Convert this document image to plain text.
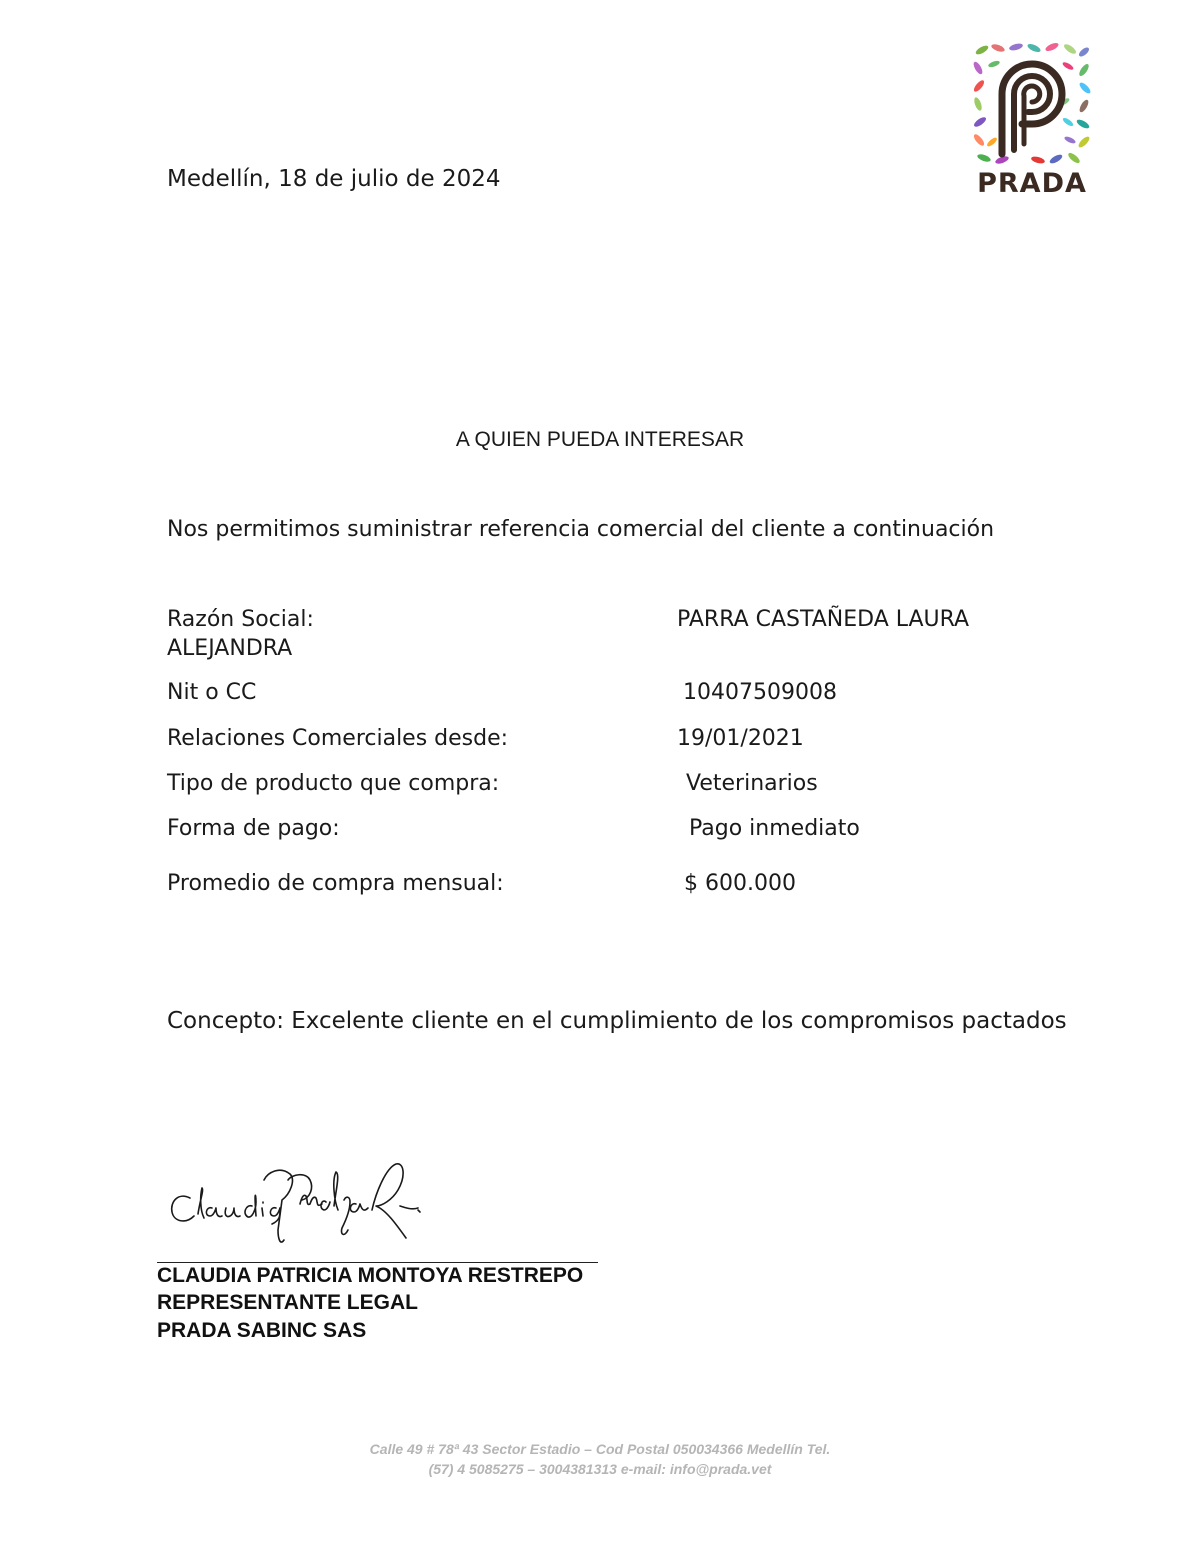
PRADA
Medellín, 18 de julio de 2024
A QUIEN PUEDA INTERESAR
Nos permitimos suministrar referencia comercial del cliente a continuación
Razón Social:	PARRA CASTAÑEDA LAURA
ALEJANDRA
Nit o CC	10407509008
Relaciones Comerciales desde:	19/01/2021
Tipo de producto que compra:	Veterinarios
Forma de pago:	Pago inmediato
Promedio de compra mensual:	$ 600.000
Concepto: Excelente cliente en el cumplimiento de los compromisos pactados
CLAUDIA PATRICIA MONTOYA RESTREPO
REPRESENTANTE LEGAL
PRADA SABINC SAS
Calle 49 # 78ª 43 Sector Estadio – Cod Postal 050034366 Medellín Tel.
(57) 4 5085275 – 3004381313 e-mail: info@prada.vet
